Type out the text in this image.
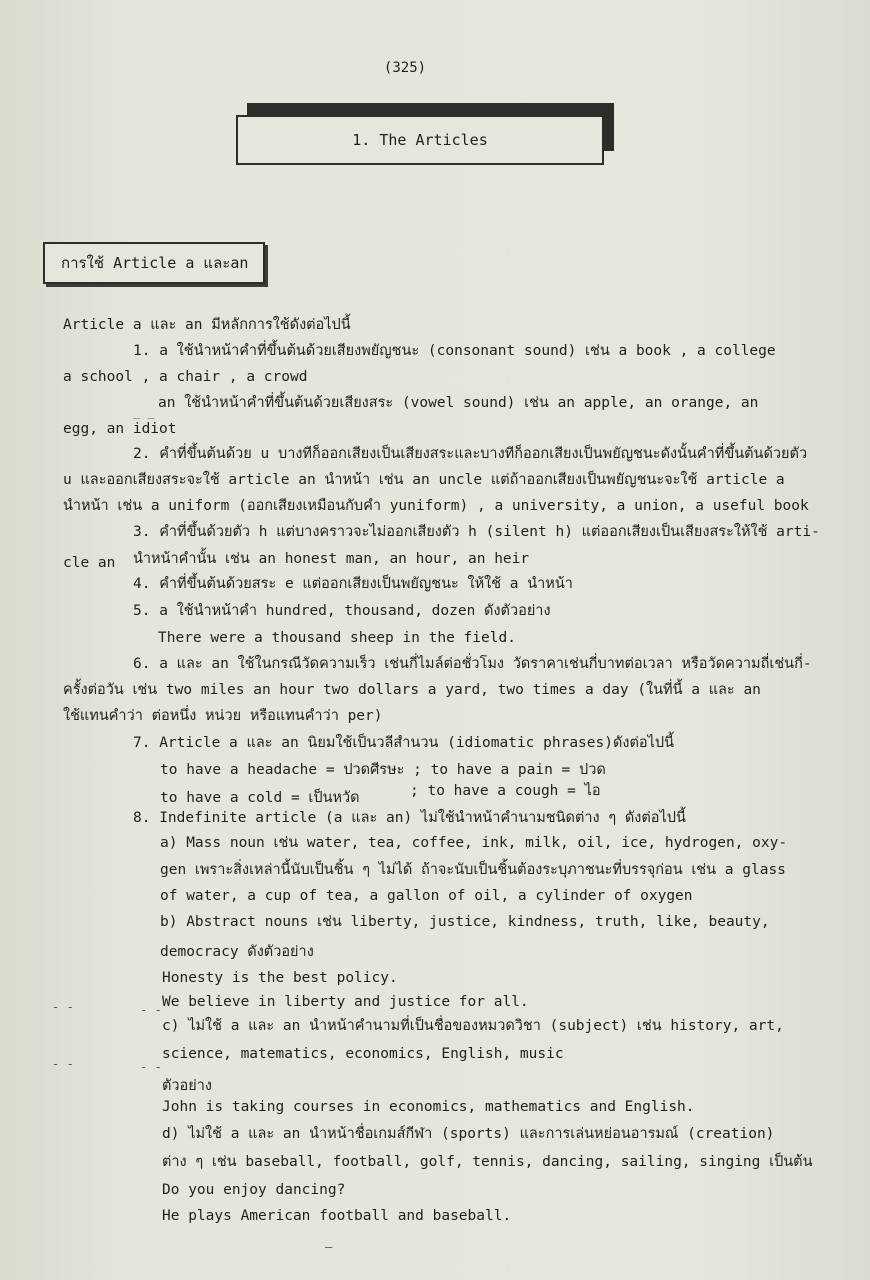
(325)
1. The Articles
การใช้ Article a และan
Article a และ an มีหลักการใช้ดังต่อไปนี้
1. a ใช้นำหน้าคำที่ขึ้นต้นด้วยเสียงพยัญชนะ (consonant sound) เช่น a book , a college
a school , a chair , a crowd
an ใช้นำหน้าคำที่ขึ้นต้นด้วยเสียงสระ (vowel sound) เช่น an apple, an orange, an
egg, an idiot
2. คำที่ขึ้นต้นด้วย u บางทีก็ออกเสียงเป็นเสียงสระและบางทีก็ออกเสียงเป็นพยัญชนะดังนั้นคำที่ขึ้นต้นด้วยตัว
u และออกเสียงสระจะใช้ article an นำหน้า เช่น an uncle แต่ถ้าออกเสียงเป็นพยัญชนะจะใช้ article a
นำหน้า เช่น a uniform (ออกเสียงเหมือนกับคำ yuniform) , a university, a union, a useful book
3. คำที่ขึ้นด้วยตัว h แต่บางคราวจะไม่ออกเสียงตัว h (silent h) แต่ออกเสียงเป็นเสียงสระให้ใช้ arti-
cle an นำหน้าคำนั้น เช่น an honest man, an hour, an heir
4. คำที่ขึ้นต้นด้วยสระ e แต่ออกเสียงเป็นพยัญชนะ ให้ใช้ a นำหน้า
5. a ใช้นำหน้าคำ hundred, thousand, dozen ดังตัวอย่าง
There were a thousand sheep in the field.
6. a และ an ใช้ในกรณีวัดความเร็ว เช่นกี่ไมล์ต่อชั่วโมง วัดราคาเช่นกี่บาทต่อเวลา หรือวัดความถี่เช่นกี่-
ครั้งต่อวัน เช่น two miles an hour two dollars a yard, two times a day (ในที่นี้ a และ an
ใช้แทนคำว่า ต่อหนึ่ง หน่วย หรือแทนคำว่า per)
7. Article a และ an นิยมใช้เป็นวลีสำนวน (idiomatic phrases)ดังต่อไปนี้
to have a headache = ปวดศีรษะ ; to have a pain = ปวด
to have a cold = เป็นหวัด	; to have a cough = ไอ
8. Indefinite article (a และ an) ไม่ใช้นำหน้าคำนามชนิดต่าง ๆ ดังต่อไปนี้
a) Mass noun เช่น water, tea, coffee, ink, milk, oil, ice, hydrogen, oxy-
gen เพราะสิ่งเหล่านี้นับเป็นชิ้น ๆ ไม่ได้ ถ้าจะนับเป็นชิ้นต้องระบุภาชนะที่บรรจุก่อน เช่น a glass
of water, a cup of tea, a gallon of oil, a cylinder of oxygen
b) Abstract nouns เช่น liberty, justice, kindness, truth, like, beauty,
democracy ดังตัวอย่าง
Honesty is the best policy.
We believe in liberty and justice for all.
c) ไม่ใช้ a และ an นำหน้าคำนามที่เป็นชื่อของหมวดวิชา (subject) เช่น history, art,
science, matematics, economics, English, music
ตัวอย่าง
John is taking courses in economics, mathematics and English.
d) ไม่ใช้ a และ an นำหน้าชื่อเกมส์กีฬา (sports) และการเล่นหย่อนอารมณ์ (creation)
ต่าง ๆ เช่น baseball, football, golf, tennis, dancing, sailing, singing เป็นต้น
Do you enjoy dancing?
He plays American football and baseball.
_ _
- -	- -
- -	- -
—
